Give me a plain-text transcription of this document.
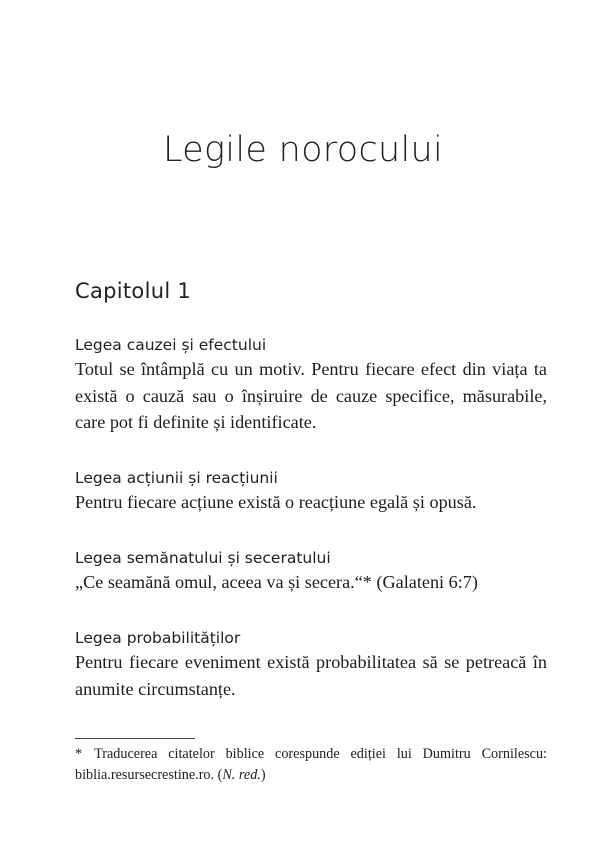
Legile norocului
Capitolul 1
Legea cauzei și efectului

Totul se întâmplă cu un motiv. Pentru fiecare efect din viața ta există o cauză sau o înșiruire de cauze specifice, măsurabile, care pot fi definite și identificate.

Legea acțiunii și reacțiunii

Pentru fiecare acțiune există o reacțiune egală și opusă.

Legea semănatului și seceratului

„Ce seamănă omul, aceea va și secera.“* (Galateni 6:7)

Legea probabilităților

Pentru fiecare eveniment există probabilitatea să se petreacă în anumite circumstanțe.

* Traducerea citatelor biblice corespunde ediției lui Dumitru Cornilescu: biblia.resursecrestine.ro. (N. red.)
